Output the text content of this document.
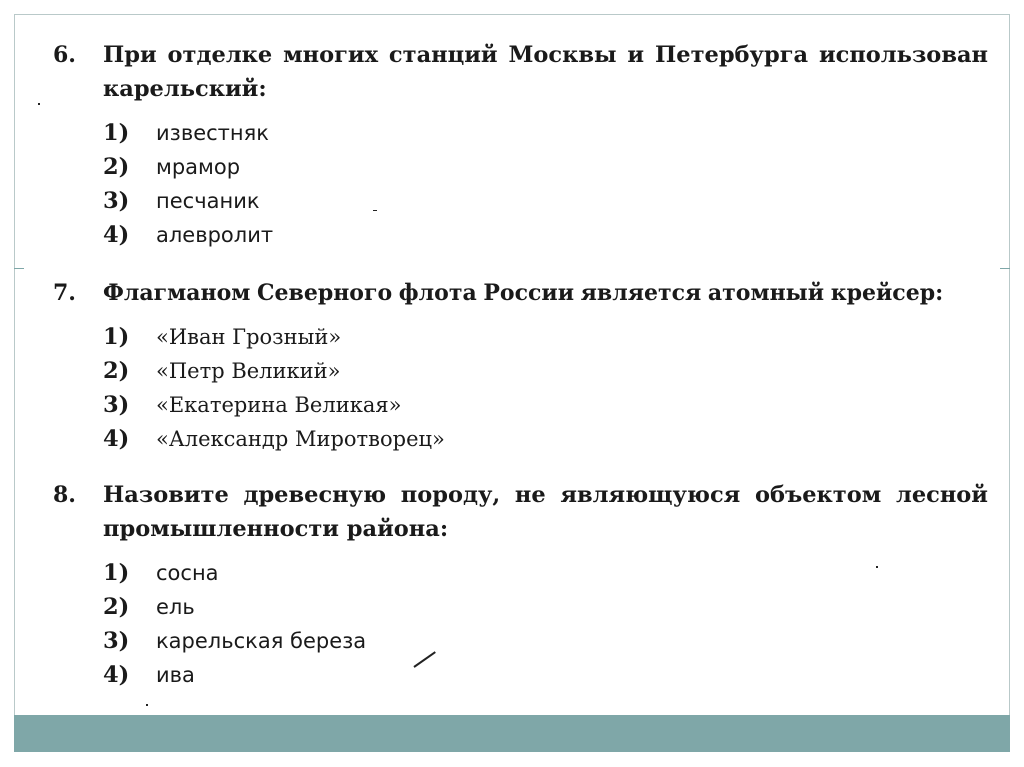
6.	При отделке многих станций Москвы и Петербурга использован карельский:
1)	известняк
2)	мрамор
3)	песчаник
4)	алевролит
7.	Флагманом Северного флота России является атомный крейсер:
1)	«Иван Грозный»
2)	«Петр Великий»
3)	«Екатерина Великая»
4)	«Александр Миротворец»
8.	Назовите древесную породу, не являющуюся объектом лесной промышленности района:
1)	сосна
2)	ель
3)	карельская береза
4)	ива
